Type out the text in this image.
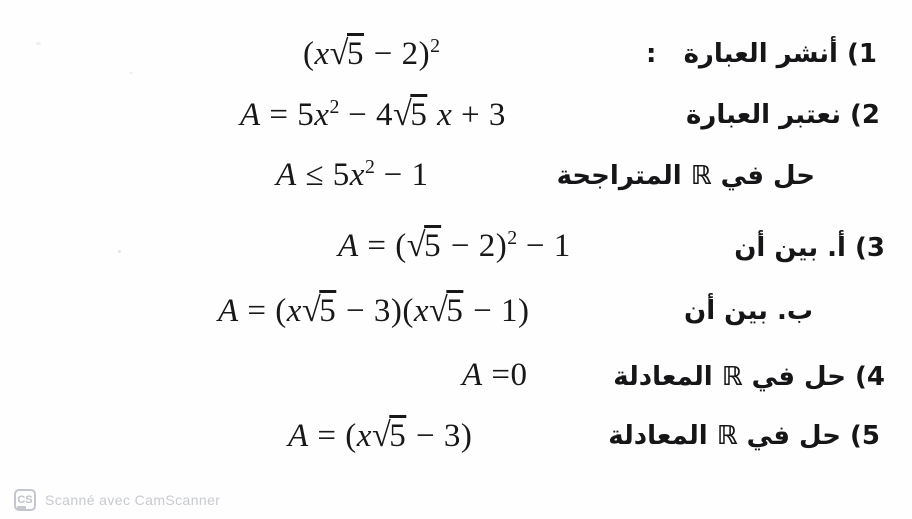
$(x√5 - 2)^2$	1) أنشر العبارة   :
$A = 5x^2 - 4√5$ x + 3	2) نعتبر العبارة
$A \le 5x^2 - 1$	حل في ℝ المتراجحة
$A = (√5 - 2)^2 - 1$	3) أ. بين أن
A = (x√5 − 3)(x√5 − 1)	ب. بين أن
A =0	4) حل في ℝ المعادلة
A = (x√5 − 3)	5) حل في ℝ المعادلة
CS Scanné avec CamScanner
